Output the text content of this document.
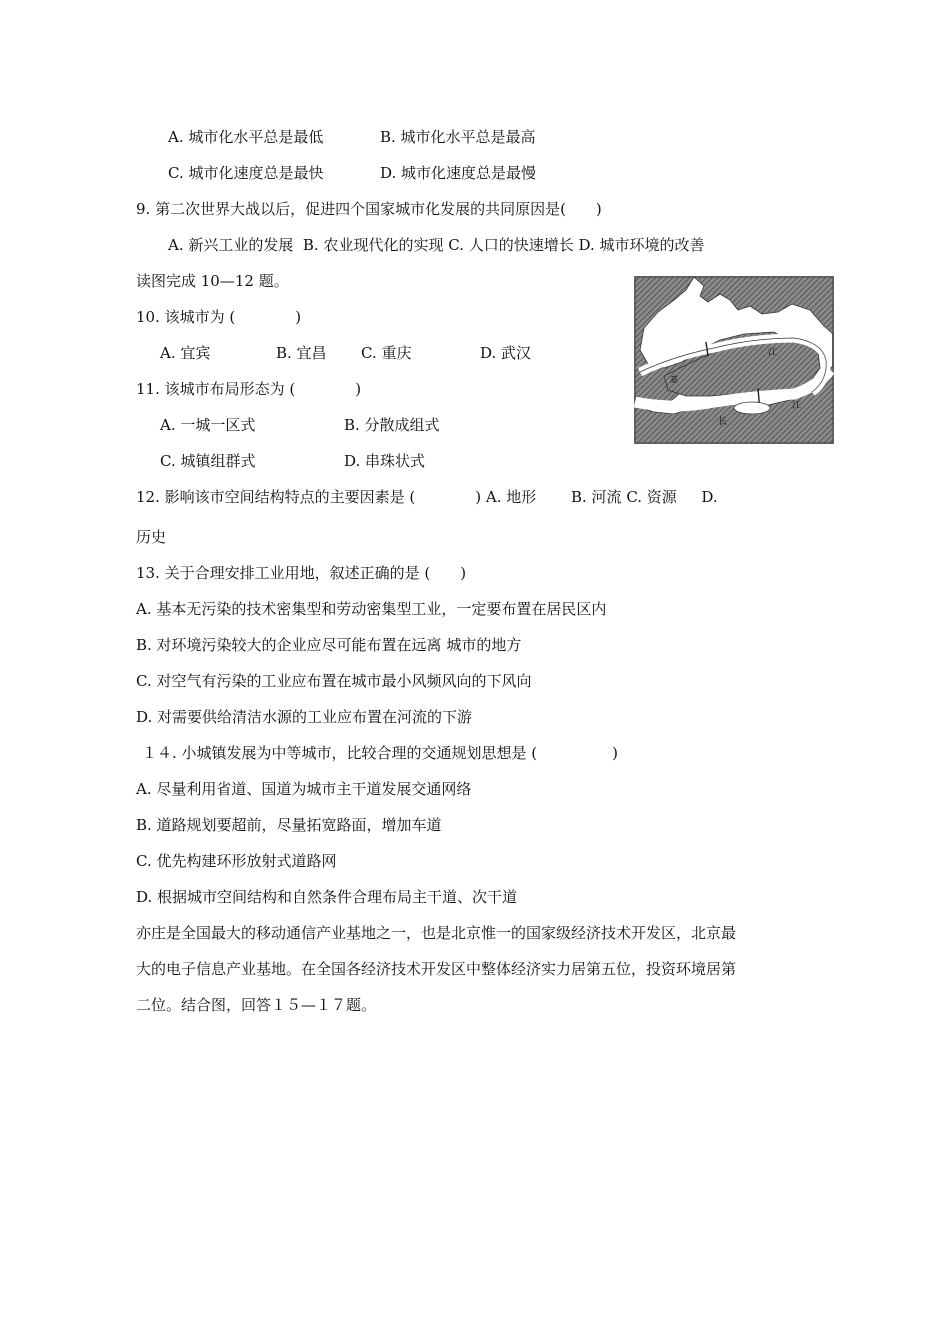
A. 城市化水平总是最低	B. 城市化水平总是最高
C. 城市化速度总是最快	D. 城市化速度总是最慢
9. 第二次世界大战以后，促进四个国家城市化发展的共同原因是(　　)
A. 新兴工业的发展  B. 农业现代化的实现 C. 人口的快速增长 D. 城市环境的改善
读图完成 10—12 题。
10. 该城市为 (　　　　)
A. 宜宾	B. 宜昌 C. 重庆	D. 武汉
11. 该城市布局形态为 (　　　　)
A. 一城一区式	B. 分散成组式
C. 城镇组群式	D. 串珠状式
江
江
长
嘉
12. 影响该市空间结构特点的主要因素是 (　　　　) A. 地形　　 B. 河流 C. 资源　  D.
历史
13. 关于合理安排工业用地，叙述正确的是 (　　)
A. 基本无污染的技术密集型和劳动密集型工业，一定要布置在居民区内
B. 对环境污染较大的企业应尽可能布置在远离 城市的地方
C. 对空气有污染的工业应布置在城市最小风频风向的下风向
D. 对需要供给清洁水源的工业应布置在河流的下游
１４. 小城镇发展为中等城市，比较合理的交通规划思想是 (　　　　　)
A. 尽量利用省道、国道为城市主干道发展交通网络
B. 道路规划要超前，尽量拓宽路面，增加车道
C. 优先构建环形放射式道路网
D. 根据城市空间结构和自然条件合理布局主干道、次干道
亦庄是全国最大的移动通信产业基地之一，也是北京惟一的国家级经济技术开发区，北京最
大的电子信息产业基地。在全国各经济技术开发区中整体经济实力居第五位，投资环境居第
二位。结合图，回答１５—１７题。
